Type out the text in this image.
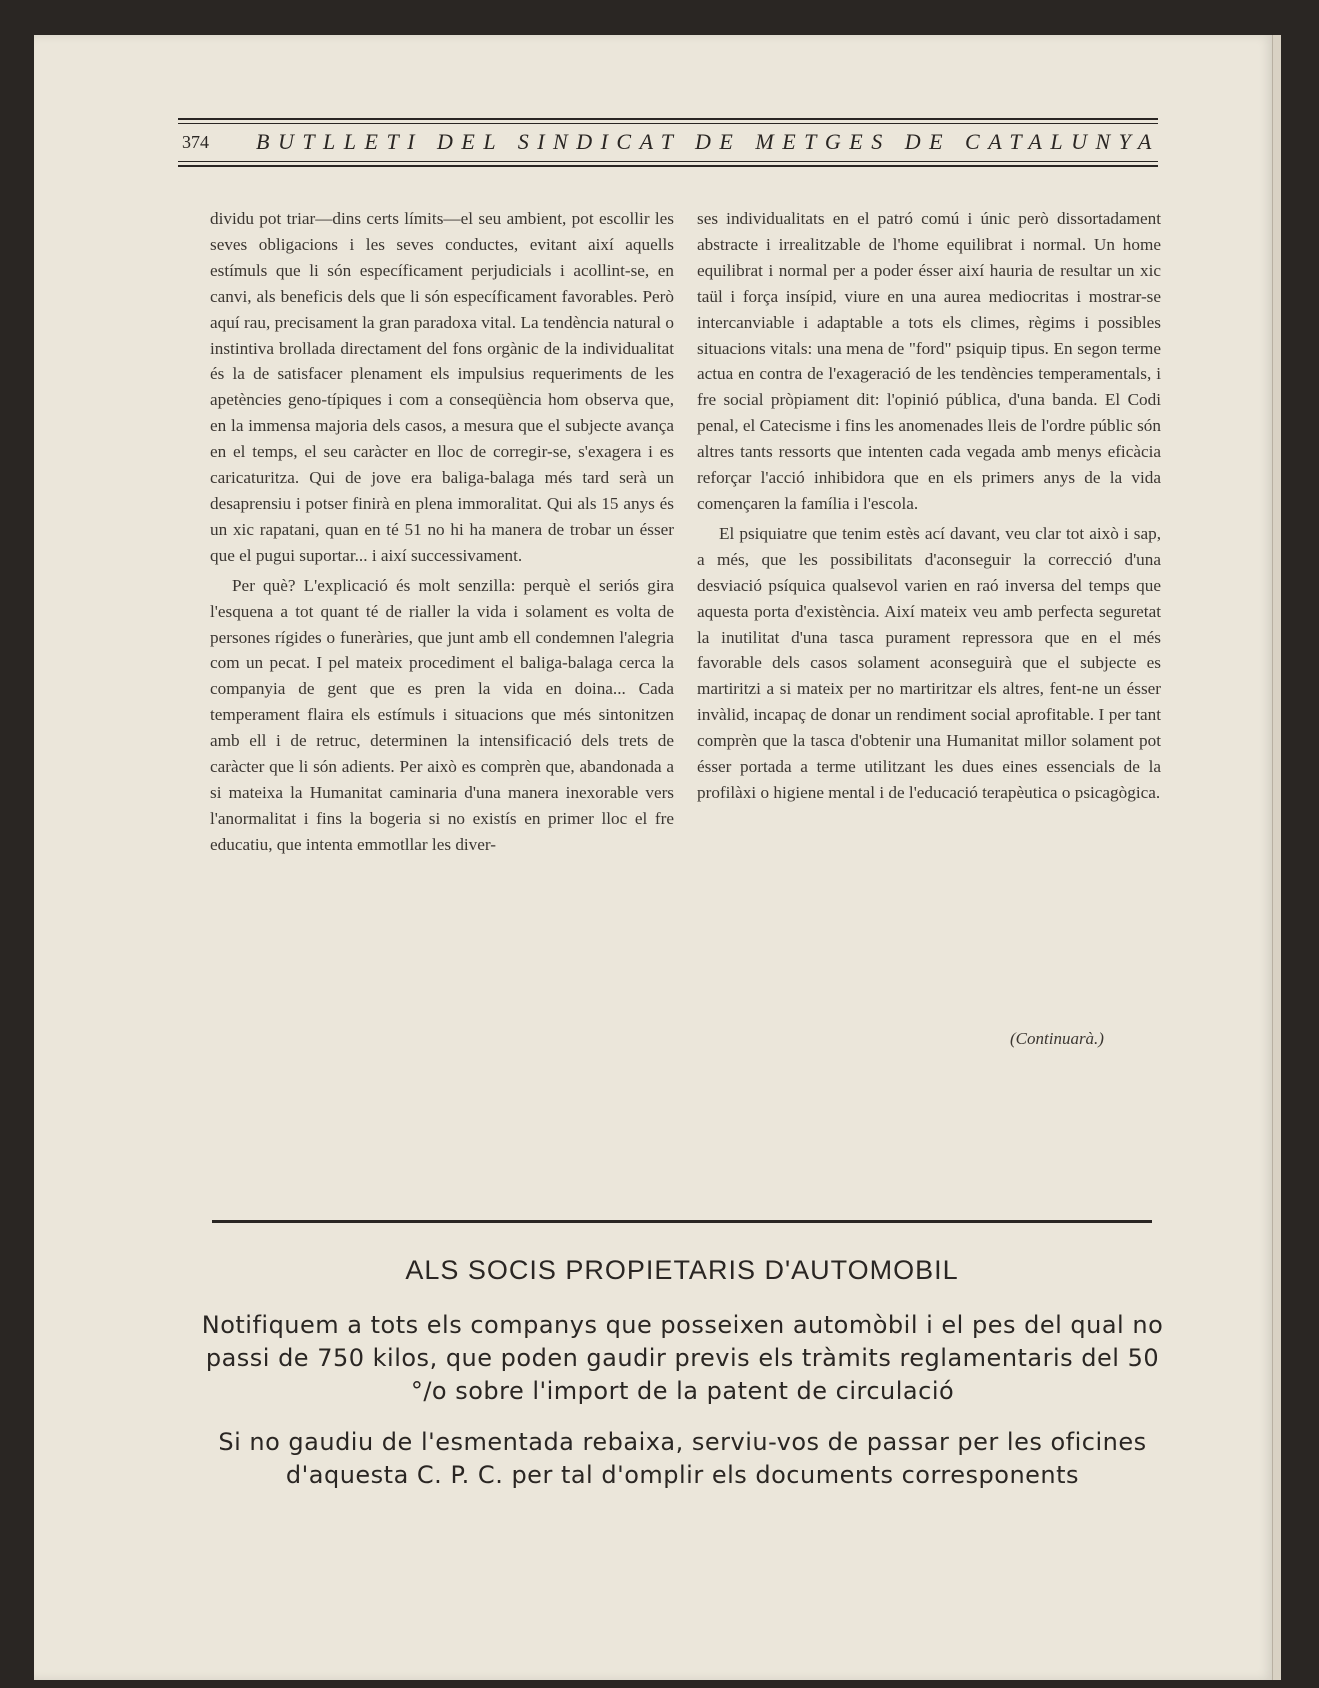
374 BUTLLETI DEL SINDICAT DE METGES DE CATALUNYA

dividu pot triar—dins certs límits—el seu ambient, pot escollir les seves obligacions i les seves conductes, evitant així aquells estímuls que li són específicament perjudicials i acollint-se, en canvi, als beneficis dels que li són específicament favorables. Però aquí rau, precisament la gran paradoxa vital. La tendència natural o instintiva brollada directament del fons orgànic de la individualitat és la de satisfacer plenament els impulsius requeriments de les apetències geno-típiques i com a conseqüència hom observa que, en la immensa majoria dels casos, a mesura que el subjecte avança en el temps, el seu caràcter en lloc de corregir-se, s'exagera i es caricaturitza. Qui de jove era baliga-balaga més tard serà un desaprensiu i potser finirà en plena immoralitat. Qui als 15 anys és un xic rapatani, quan en té 51 no hi ha manera de trobar un ésser que el pugui suportar... i així successivament.

Per què? L'explicació és molt senzilla: perquè el seriós gira l'esquena a tot quant té de rialler la vida i solament es volta de persones rígides o funeràries, que junt amb ell condemnen l'alegria com un pecat. I pel mateix procediment el baliga-balaga cerca la companyia de gent que es pren la vida en doina... Cada temperament flaira els estímuls i situacions que més sintonitzen amb ell i de retruc, determinen la intensificació dels trets de caràcter que li són adients. Per això es comprèn que, abandonada a si mateixa la Humanitat caminaria d'una manera inexorable vers l'anormalitat i fins la bogeria si no existís en primer lloc el fre educatiu, que intenta emmotllar les diver-

ses individualitats en el patró comú i únic però dissortadament abstracte i irrealitzable de l'home equilibrat i normal. Un home equilibrat i normal per a poder ésser així hauria de resultar un xic taül i força insípid, viure en una aurea mediocritas i mostrar-se intercanviable i adaptable a tots els climes, règims i possibles situacions vitals: una mena de "ford" psiquip tipus. En segon terme actua en contra de l'exageració de les tendències temperamentals, i fre social pròpiament dit: l'opinió pública, d'una banda. El Codi penal, el Catecisme i fins les anomenades lleis de l'ordre públic són altres tants ressorts que intenten cada vegada amb menys eficàcia reforçar l'acció inhibidora que en els primers anys de la vida començaren la família i l'escola.

El psiquiatre que tenim estès ací davant, veu clar tot això i sap, a més, que les possibilitats d'aconseguir la correcció d'una desviació psíquica qualsevol varien en raó inversa del temps que aquesta porta d'existència. Així mateix veu amb perfecta seguretat la inutilitat d'una tasca purament repressora que en el més favorable dels casos solament aconseguirà que el subjecte es martiritzi a si mateix per no martiritzar els altres, fent-ne un ésser invàlid, incapaç de donar un rendiment social aprofitable. I per tant comprèn que la tasca d'obtenir una Humanitat millor solament pot ésser portada a terme utilitzant les dues eines essencials de la profilàxi o higiene mental i de l'educació terapèutica o psicagògica.

(Continuarà.)
ALS SOCIS PROPIETARIS D'AUTOMOBIL
Notifiquem a tots els companys que posseixen automòbil i el pes del qual no passi de 750 kilos, que poden gaudir previs els tràmits reglamentaris del 50 °/o sobre l'import de la patent de circulació
Si no gaudiu de l'esmentada rebaixa, serviu-vos de passar per les oficines d'aquesta C. P. C. per tal d'omplir els documents corresponents
